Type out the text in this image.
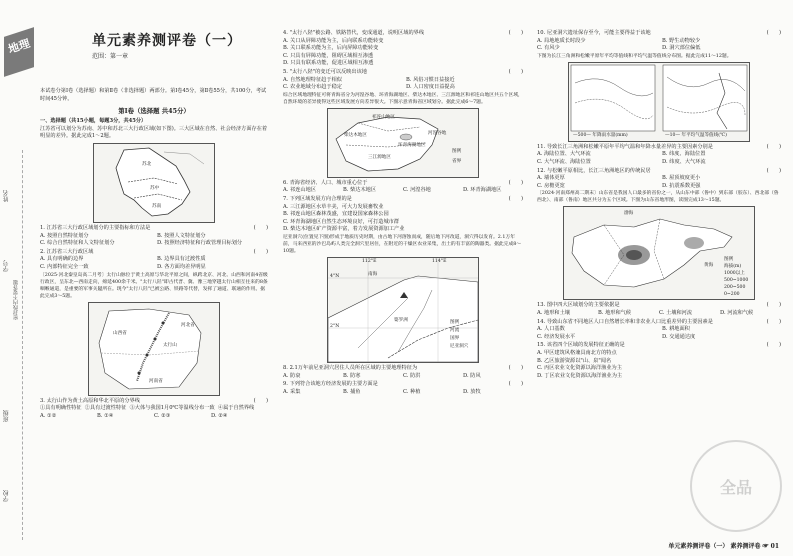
地理	单元素养测评卷（一）
范围：第一章
学校
班级
姓名
学号
密封线内不要答题

本试卷分第Ⅰ卷（选择题）和第Ⅱ卷（非选择题）两部分。第Ⅰ卷45分，第Ⅱ卷55分，共100分，考试时间45分钟。

第Ⅰ卷（选择题 共45分）

一、选择题（共15小题，每题3分，共45分）

江苏省可以划分为苏南、苏中和苏北三大行政区域(如下图)。三大区域在自然、社会经济方面存在着明显的差异。据此完成1～2题。

苏北
苏中
苏南

1. 江苏省三大行政区域划分的主要指标和方法是	(　　)

A. 按照自然特征划分	B. 按照人文特征划分
C. 综合自然特征和人文特征划分	D. 按照经济特征和行政管理目标划分

2. 江苏省三大行政区域	(　　)

A. 具有明确的边界	B. 边界具有过渡性质
C. 内部特征完全一致	D. 各方面均差异明显

〔2025·河北秦皇岛高二月考〕太行山脉位于黄土高原与华北平原之间，纵跨北京、河北、山西和河南4省级行政区，呈东北—西南走向，绵延400余千米。"太行八陉"即古代晋、冀、豫三地穿越太行山相互往来的8条咽喉通道，是重要的军事关隘所在。现今"太行八陉"已被公路、铁路等代替，发挥了通道、联通的作用。据此完成3～5题。

太行山
河北省
山西省
河南省

3. 太行山作为黄土高原和华北平原的分界线	(　　)

①具有明确性特征  ②具有过渡性特征  ③大体与我国1月0℃等温线分布一致  ④属于自然界线

A. ①②	B. ①④	C. ②③	D. ②④

4. "太行八陉"被公路、铁路替代，变成通道，说明区域的界线	(　　)

A. 关口从屏障功能为主，后向联系功能转变

B. 关口联系功能为主，后向屏障功能转变

C. 只具有屏障功能，阻碍区域相互渗透

D. 只具有联系功能，促进区域相互渗透

5. "太行八陉"的变迁可以反映出该地	(　　)

A. 自然地理特征趋于相似	B. 风俗习惯日益接近
C. 农业地域分布趋于稳定	D. 人口密度日益提高

综合区域地理特征可将青海省分为河湟谷地、环青海湖地区、柴达木地区、三江源地区和祁连山地区共五个区域，自然环境的差异使得这些区域发展方向差异很大。下图示意青海省区域划分。据此完成6～7题。

祁连山地区
柴达木地区
环青海湖地区
河湟谷地
三江源地区
图例
省界

6. 青海省经济、人口、城市重心位于	(　　)

A. 祁连山地区	B. 柴达木地区	C. 河湟谷地	D. 环青海湖地区

7. 下列区域发展方向合理的是	(　　)

A. 三江源地区水草丰美，可大力发展畜牧业

B. 祁连山地区森林茂盛，宜建设国家森林公园

C. 环青海湖地区自然生态环境良好，可打造城市群

D. 柴达木地区矿产资源丰富，着力发展资源加工产业

尼亚洞穴(位置见下图)形成于地质历史时期，由古地下河溶蚀而成，随后地下河改道，洞穴得以发育。2.1万年前，马来西亚的沙巴岛屿人类完全洞穴里居住，在附近的干燥区农业采集，出土的有丰富的陶器类。据此完成8～10题。

4°N
2°N
112°E	114°E
南海
婆罗洲	图例
河流
国界
尼亚洞穴

8. 2.1万年前尼亚洞穴居住人员所在区域的主要地理特征为	(　　)

A. 防衰	B. 防寒	C. 防洪	D. 防风

9. 下列符合该地方经济发展的主要方面是	(　　)

A. 采集	B. 捕鱼	C. 种植	D. 放牧

10. 尼亚洞穴遗址保存至今，可能主要得益于该地	(　　)

A. 局地地质长时段少	B. 野生动物较少
C. 有风少	D. 洞穴部位偏低

下图为长江三角洲和松嫩平原年平均等值线和平均气温等值线分布图。据此完成11～12题。

—500— 年降雨水量(mm)	—10— 年平均气温等值线(℃)

11. 导致长江三角洲和松嫩平原年平均气温和年降水量差异的主要因素分别是	(　　)

A. 海陆位置、大气环流	B. 纬度、海陆位置
C. 大气环流、海陆位置	D. 纬度、大气环流

12. 与松嫩平原相比，长江三角洲地区的传统民居	(　　)

A. 墙体更厚	B. 屋顶坡度更小
C. 房檐更宽	D. 抗震系数更强

〔2024·河南郑州高二期末〕山东省是我国人口最多的省份之一，从山东中部（鲁中）到东部（胶东）、西北部（鲁西北）、南部（鲁南）地区共分为五个区域。下图为山东省地形图，读图完成13～15题。

渤海
黄海
图例
海拔(m)
1000以上
500~1000
200~500
0~200

13. 图中四大区域划分的主要依据是	(　　)

A. 地形和土壤	B. 地形和气候	C. 土壤和河流	D. 河流和气候

14. 导致山东省不同地区人口自然增长率和非农业人口比重差异的主要因素是	(　　)

A. 人口基数	B. 耕地面积
C. 经济发展水平	D. 交通通达度

15. 该省四个区域的发展特征正确的是	(　　)

A. 甲区建筑风格兼具南北方的特点

B. 乙区旅游资源以"山、泉"闻名

C. 丙区农业文化资源以海洋渔业为主

D. 丁区农业文化资源以海洋渔业为主

全品
单元素养测评卷（一） 素养测评卷 ☞ 01
